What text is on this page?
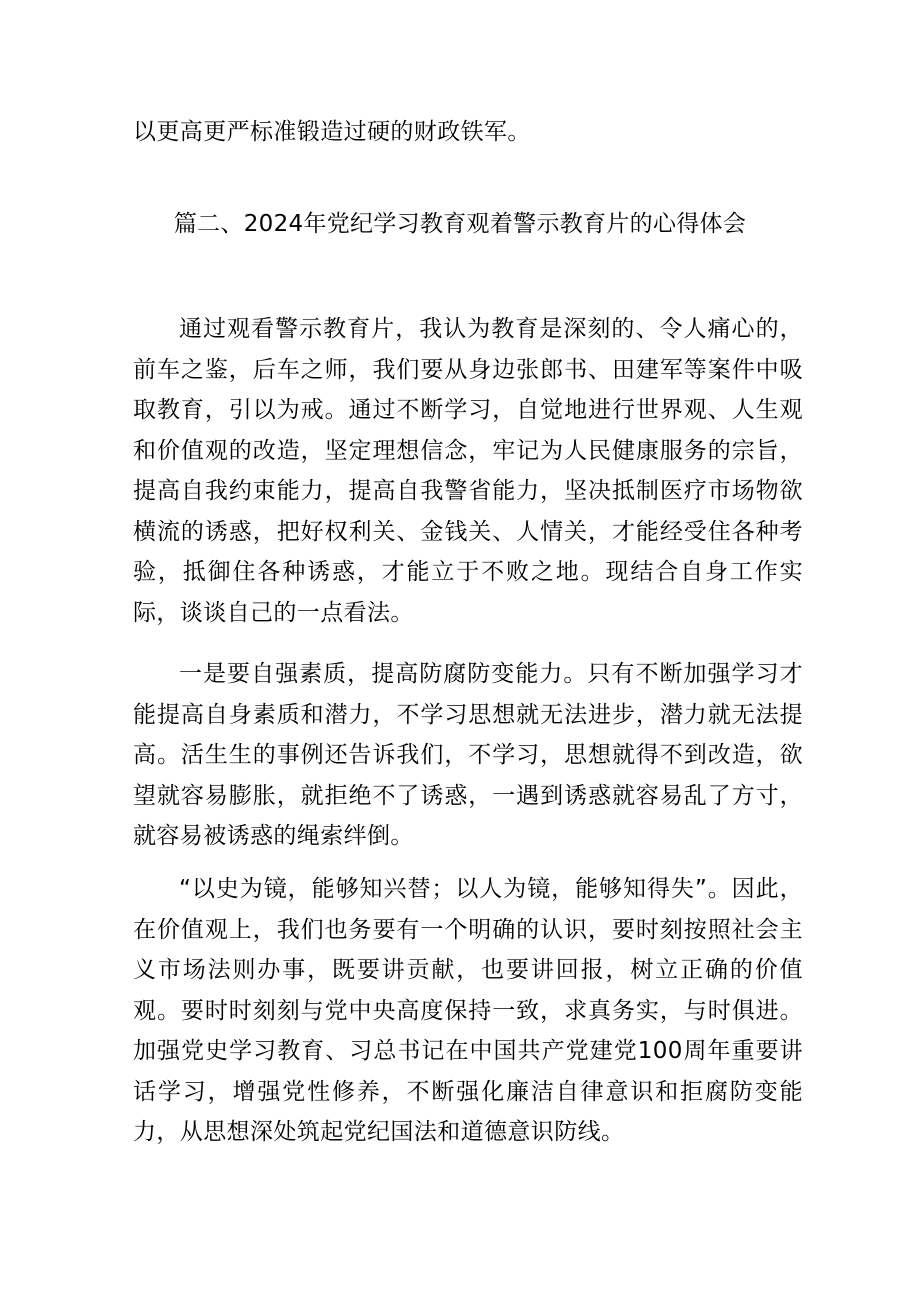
以更高更严标准锻造过硬的财政铁军。
篇二、2024年党纪学习教育观着警示教育片的心得体会
通过观看警示教育片，我认为教育是深刻的、令人痛心的，前车之鉴，后车之师，我们要从身边张郎书、田建军等案件中吸取教育，引以为戒。通过不断学习，自觉地进行世界观、人生观和价值观的改造，坚定理想信念，牢记为人民健康服务的宗旨，提高自我约束能力，提高自我警省能力，坚决抵制医疗市场物欲横流的诱惑，把好权利关、金钱关、人情关，才能经受住各种考验，抵御住各种诱惑，才能立于不败之地。现结合自身工作实际，谈谈自己的一点看法。
一是要自强素质，提高防腐防变能力。只有不断加强学习才能提高自身素质和潜力，不学习思想就无法进步，潜力就无法提高。活生生的事例还告诉我们，不学习，思想就得不到改造，欲望就容易膨胀，就拒绝不了诱惑，一遇到诱惑就容易乱了方寸，就容易被诱惑的绳索绊倒。
“以史为镜，能够知兴替；以人为镜，能够知得失”。因此，在价值观上，我们也务要有一个明确的认识，要时刻按照社会主义市场法则办事，既要讲贡献，也要讲回报，树立正确的价值观。要时时刻刻与党中央高度保持一致，求真务实，与时俱进。加强党史学习教育、习总书记在中国共产党建党100周年重要讲话学习，增强党性修养，不断强化廉洁自律意识和拒腐防变能力，从思想深处筑起党纪国法和道德意识防线。
